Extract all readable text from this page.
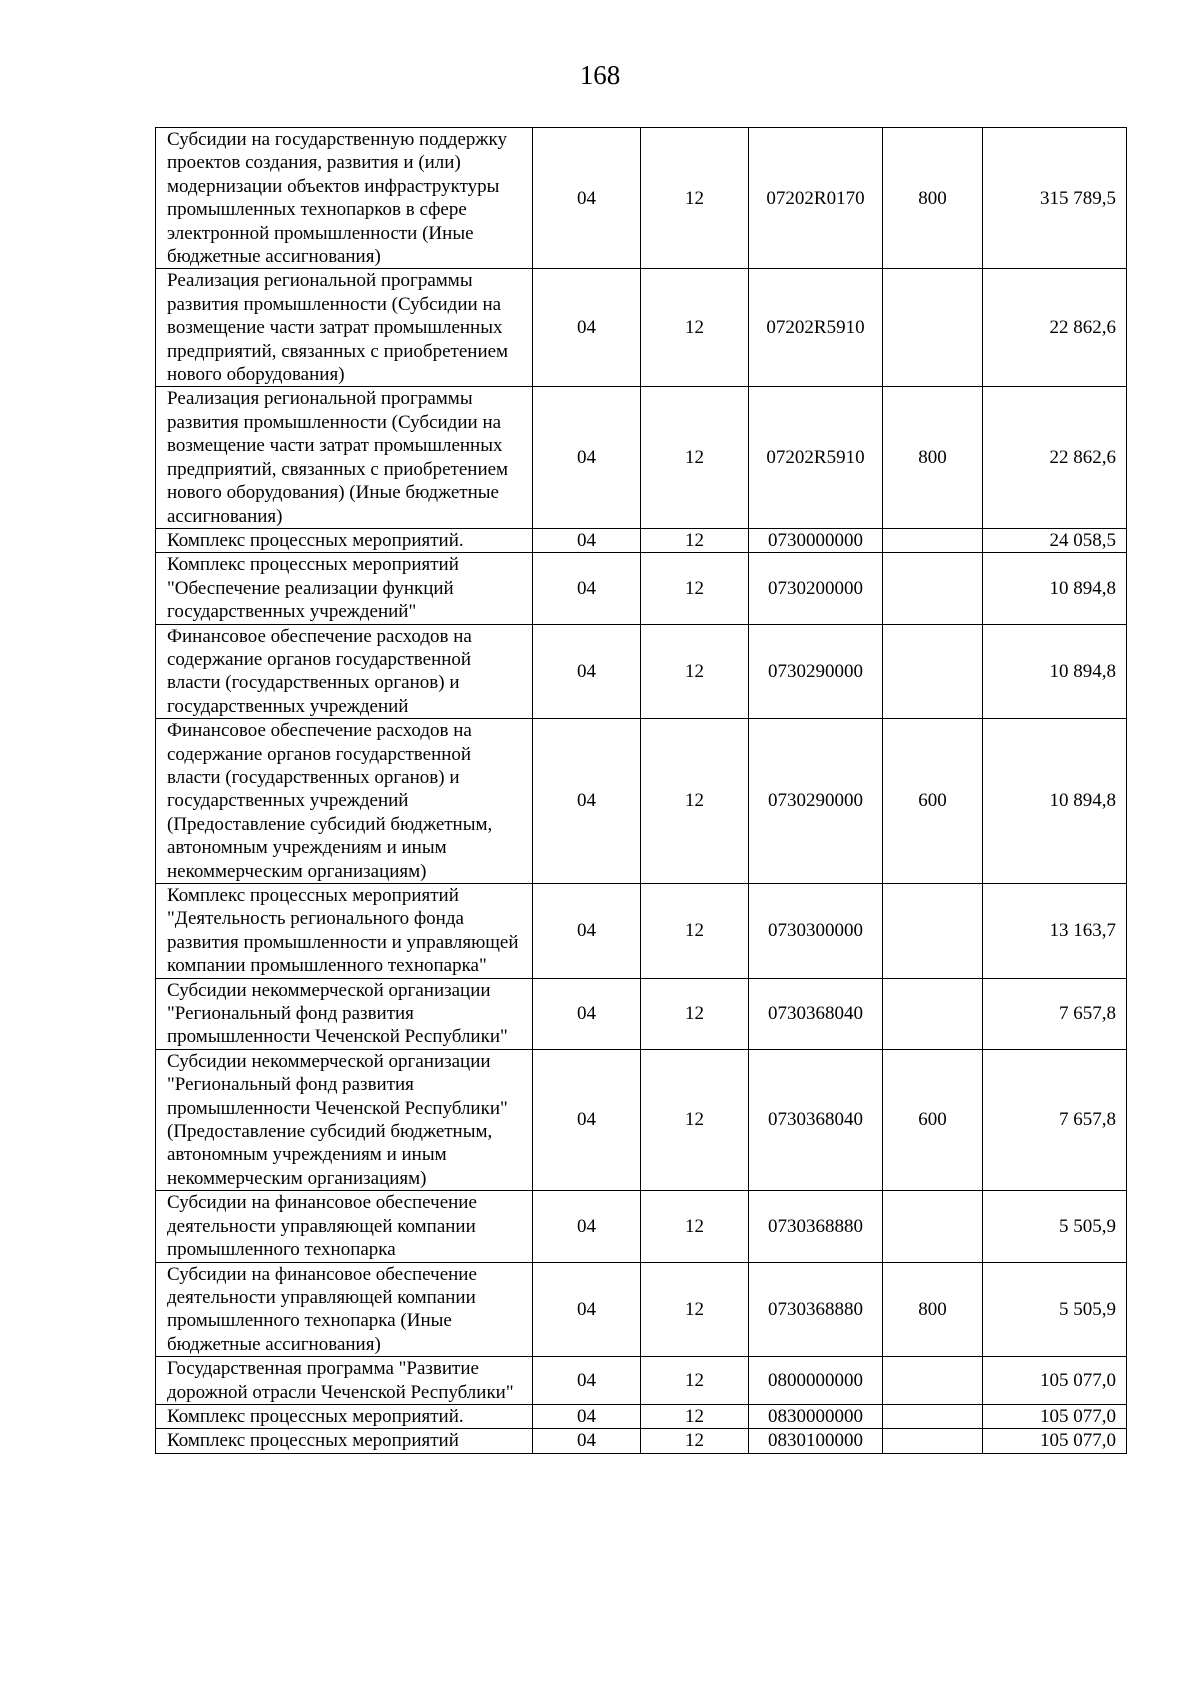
168
Субсидии на государственную поддержку проектов создания, развития и (или) модернизации объектов инфраструктуры промышленных технопарков в сфере электронной промышленности (Иные бюджетные ассигнования)	04	12	07202R0170	800	315 789,5
Реализация региональной программы развития промышленности (Субсидии на возмещение части затрат промышленных предприятий, связанных с приобретением нового оборудования)	04	12	07202R5910		22 862,6
Реализация региональной программы развития промышленности (Субсидии на возмещение части затрат промышленных предприятий, связанных с приобретением нового оборудования) (Иные бюджетные ассигнования)	04	12	07202R5910	800	22 862,6
Комплекс процессных мероприятий.	04	12	0730000000		24 058,5
Комплекс процессных мероприятий "Обеспечение реализации функций государственных учреждений"	04	12	0730200000		10 894,8
Финансовое обеспечение расходов на содержание органов государственной власти (государственных органов) и государственных учреждений	04	12	0730290000		10 894,8
Финансовое обеспечение расходов на содержание органов государственной власти (государственных органов) и государственных учреждений (Предоставление субсидий бюджетным, автономным учреждениям и иным некоммерческим организациям)	04	12	0730290000	600	10 894,8
Комплекс процессных мероприятий "Деятельность регионального фонда развития промышленности и управляющей компании промышленного технопарка"	04	12	0730300000		13 163,7
Субсидии некоммерческой организации "Региональный фонд развития промышленности Чеченской Республики"	04	12	0730368040		7 657,8
Субсидии некоммерческой организации "Региональный фонд развития промышленности Чеченской Республики" (Предоставление субсидий бюджетным, автономным учреждениям и иным некоммерческим организациям)	04	12	0730368040	600	7 657,8
Субсидии на финансовое обеспечение деятельности управляющей компании промышленного технопарка	04	12	0730368880		5 505,9
Субсидии на финансовое обеспечение деятельности управляющей компании промышленного технопарка (Иные бюджетные ассигнования)	04	12	0730368880	800	5 505,9
Государственная программа "Развитие дорожной отрасли Чеченской Республики"	04	12	0800000000		105 077,0
Комплекс процессных мероприятий.	04	12	0830000000		105 077,0
Комплекс процессных мероприятий	04	12	0830100000		105 077,0
